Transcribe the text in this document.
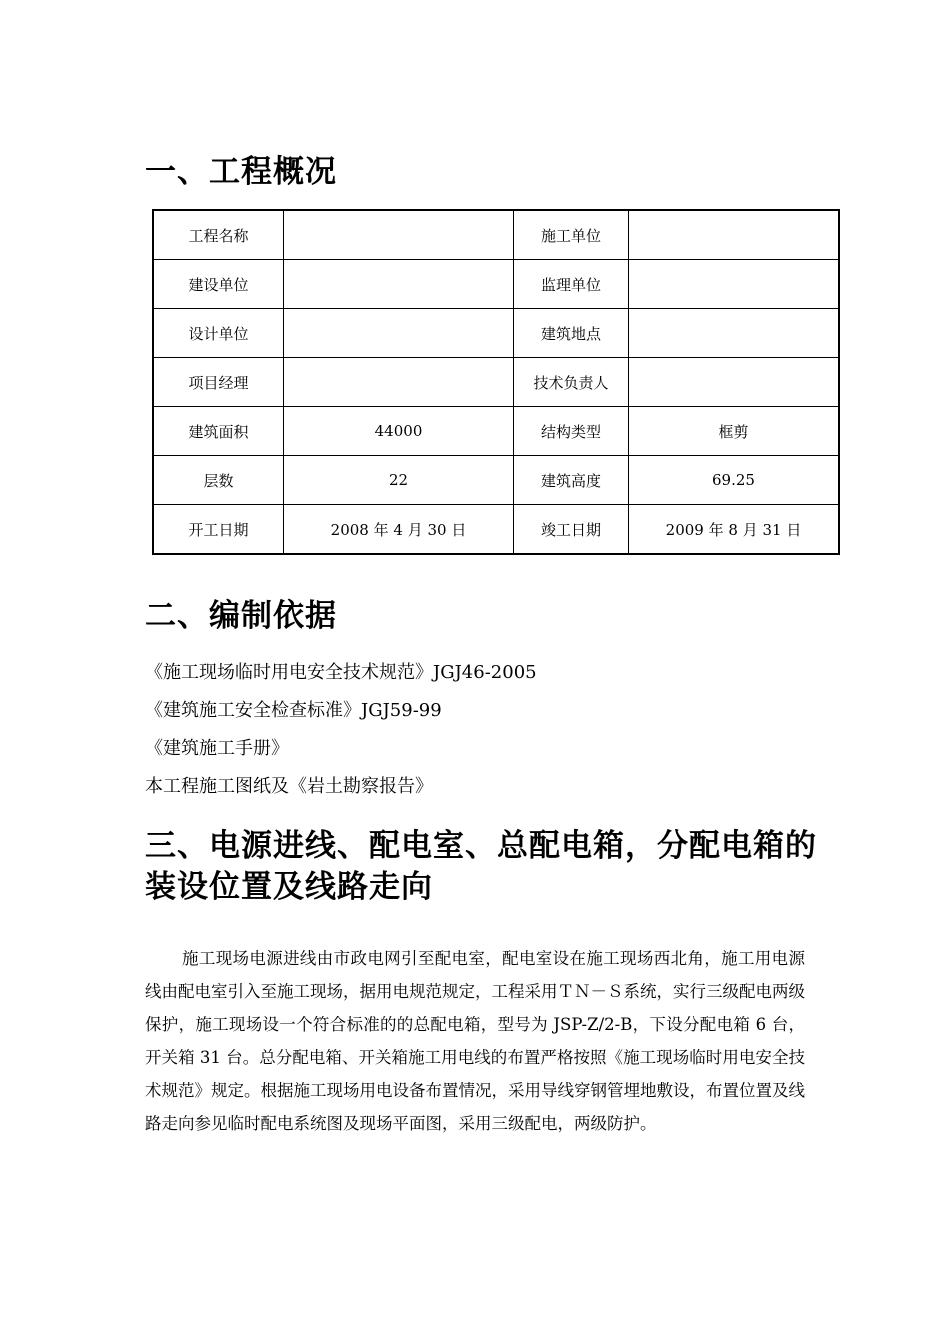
一、工程概况
工程名称		施工单位	
建设单位		监理单位	
设计单位		建筑地点	
项目经理		技术负责人	
建筑面积	44000	结构类型	框剪
层数	22	建筑高度	69.25
开工日期	2008 年 4 月 30 日	竣工日期	2009 年 8 月 31 日
二、编制依据
《施工现场临时用电安全技术规范》JGJ46-2005
《建筑施工安全检查标准》JGJ59-99
《建筑施工手册》
本工程施工图纸及《岩土勘察报告》
三、电源进线、配电室、总配电箱，分配电箱的装设位置及线路走向

施工现场电源进线由市政电网引至配电室，配电室设在施工现场西北角，施工用电源线由配电室引入至施工现场，据用电规范规定，工程采用ＴＮ－Ｓ系统，实行三级配电两级保护，施工现场设一个符合标准的的总配电箱，型号为 JSP-Z/2-B，下设分配电箱 6 台，开关箱 31 台。总分配电箱、开关箱施工用电线的布置严格按照《施工现场临时用电安全技术规范》规定。根据施工现场用电设备布置情况，采用导线穿钢管埋地敷设，布置位置及线路走向参见临时配电系统图及现场平面图，采用三级配电，两级防护。
